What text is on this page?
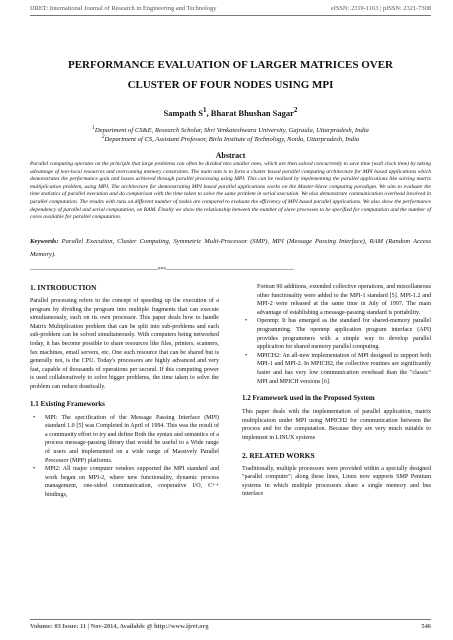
IJRET: International Journal of Research in Engineering and Technology	eISSN: 2319-1163 | pISSN: 2321-7308
PERFORMANCE EVALUATION OF LARGER MATRICES OVER
CLUSTER OF FOUR NODES USING MPI
Sampath $S^1$, Bharat Bhushan Sagar$^2$
$^1$Department of CS&E, Research Scholar, Shri Venkateshwara University, Gajraula, Uttarpradesh, India
$^2$Department of CS, Assistant Professor, Birla Institute of Technology, Noida, Uttarpradesh, India
Abstract
Parallel computing operates on the principle that large problems can often be divided into smaller ones, which are then solved concurrently to save time (wall clock time) by taking advantage of non-local resources and overcoming memory constraints. The main aim is to form a cluster based parallel computing architecture for MPI based applications which demonstrates the performance gain and losses achieved through parallel processing using MPI. This can be realized by implementing the parallel applications like solving matrix multiplication problem, using MPI. The architecture for demonstrating MPI based parallel applications works on the Master-Slave computing paradigm. We aim to evaluate the time statistics of parallel execution and do comparison with the time taken to solve the same problem in serial execution. We also demonstrate communication overhead involved in parallel computation. The results with runs on different number of nodes are compared to evaluate the efficiency of MPI based parallel applications. We also show the performance dependency of parallel and serial computation, on RAM. Finally we show the relationship between the number of slave processes to be specified for computation and the number of cores available for parallel computation.
Keywords: Parallel Execution, Cluster Computing, Symmetric Multi-Processor (SMP), MPI (Message Passing Interface), RAM (Random Access Memory).
-----------------------------------------------------------------------***-----------------------------------------------------------------------
1. INTRODUCTION

Parallel processing refers to the concept of speeding up the execution of a program by dividing the program into multiple fragments that can execute simultaneously, each on its own processor. This paper deals how to handle Matrix Multiplication problem that can be split into sub-problems and each sub-problem can be solved simultaneously. With computers being networked today, it has become possible to share resources like files, printers, scanners, fax machines, email servers, etc. One such resource that can be shared but is generally not, is the CPU. Today's processors are highly advanced and very fast, capable of thousands of operations per second. If this computing power is used collaboratively to solve bigger problems, the time taken to solve the problem can reduce drastically.

1.1 Existing Frameworks
• MPI: The specification of the Message Passing Interface (MPI) standard 1.0 [5] was Completed in April of 1994. This was the result of a community effort to try and define Both the syntax and semantics of a process message-passing library that would be useful to a Wide range of users and implemented on a wide range of Massively Parallel Processor (MPP) platforms.
• MPI2: All major computer vendors supported the MPI standard and work began on MPI-2, where new functionality, dynamic process management, one-sided communication, cooperative I/O, C++ bindings,

Fortran 90 additions, extended collective operations, and miscellaneous other functionality were added to the MPI-1 standard [5]. MPI-1.2 and MPI-2 were released at the same time in July of 1997. The main advantage of establishing a message-passing standard is portability.

• Openmp: It has emerged as the standard for shared-memory parallel programming. The openmp application program interface (API) provides programmers with a simple way to develop parallel application for shared memory parallel computing.
• MPICH2: An all-new implementation of MPI designed to support both MPI-1 and MPI-2. In MPICH2, the collective routines are significantly faster and has very low communication overhead than the "classic" MPI and MPICH versions [6].
1.2 Framework used in the Proposed System

This paper deals with the implementation of parallel application, matrix multiplication under MPI using MPICH2 for communication between the process and for the computation. Because they are very much suitable to implement in LINUX systems

2. RELATED WORKS

Traditionally, multiple processors were provided within a specially designed "parallel computer"; along these lines, Linux now supports SMP Pentium systems in which multiple processors share a single memory and bus interface

Volume: 03 Issue: 11 | Nov-2014, Available @ http://www.ijret.org	546
